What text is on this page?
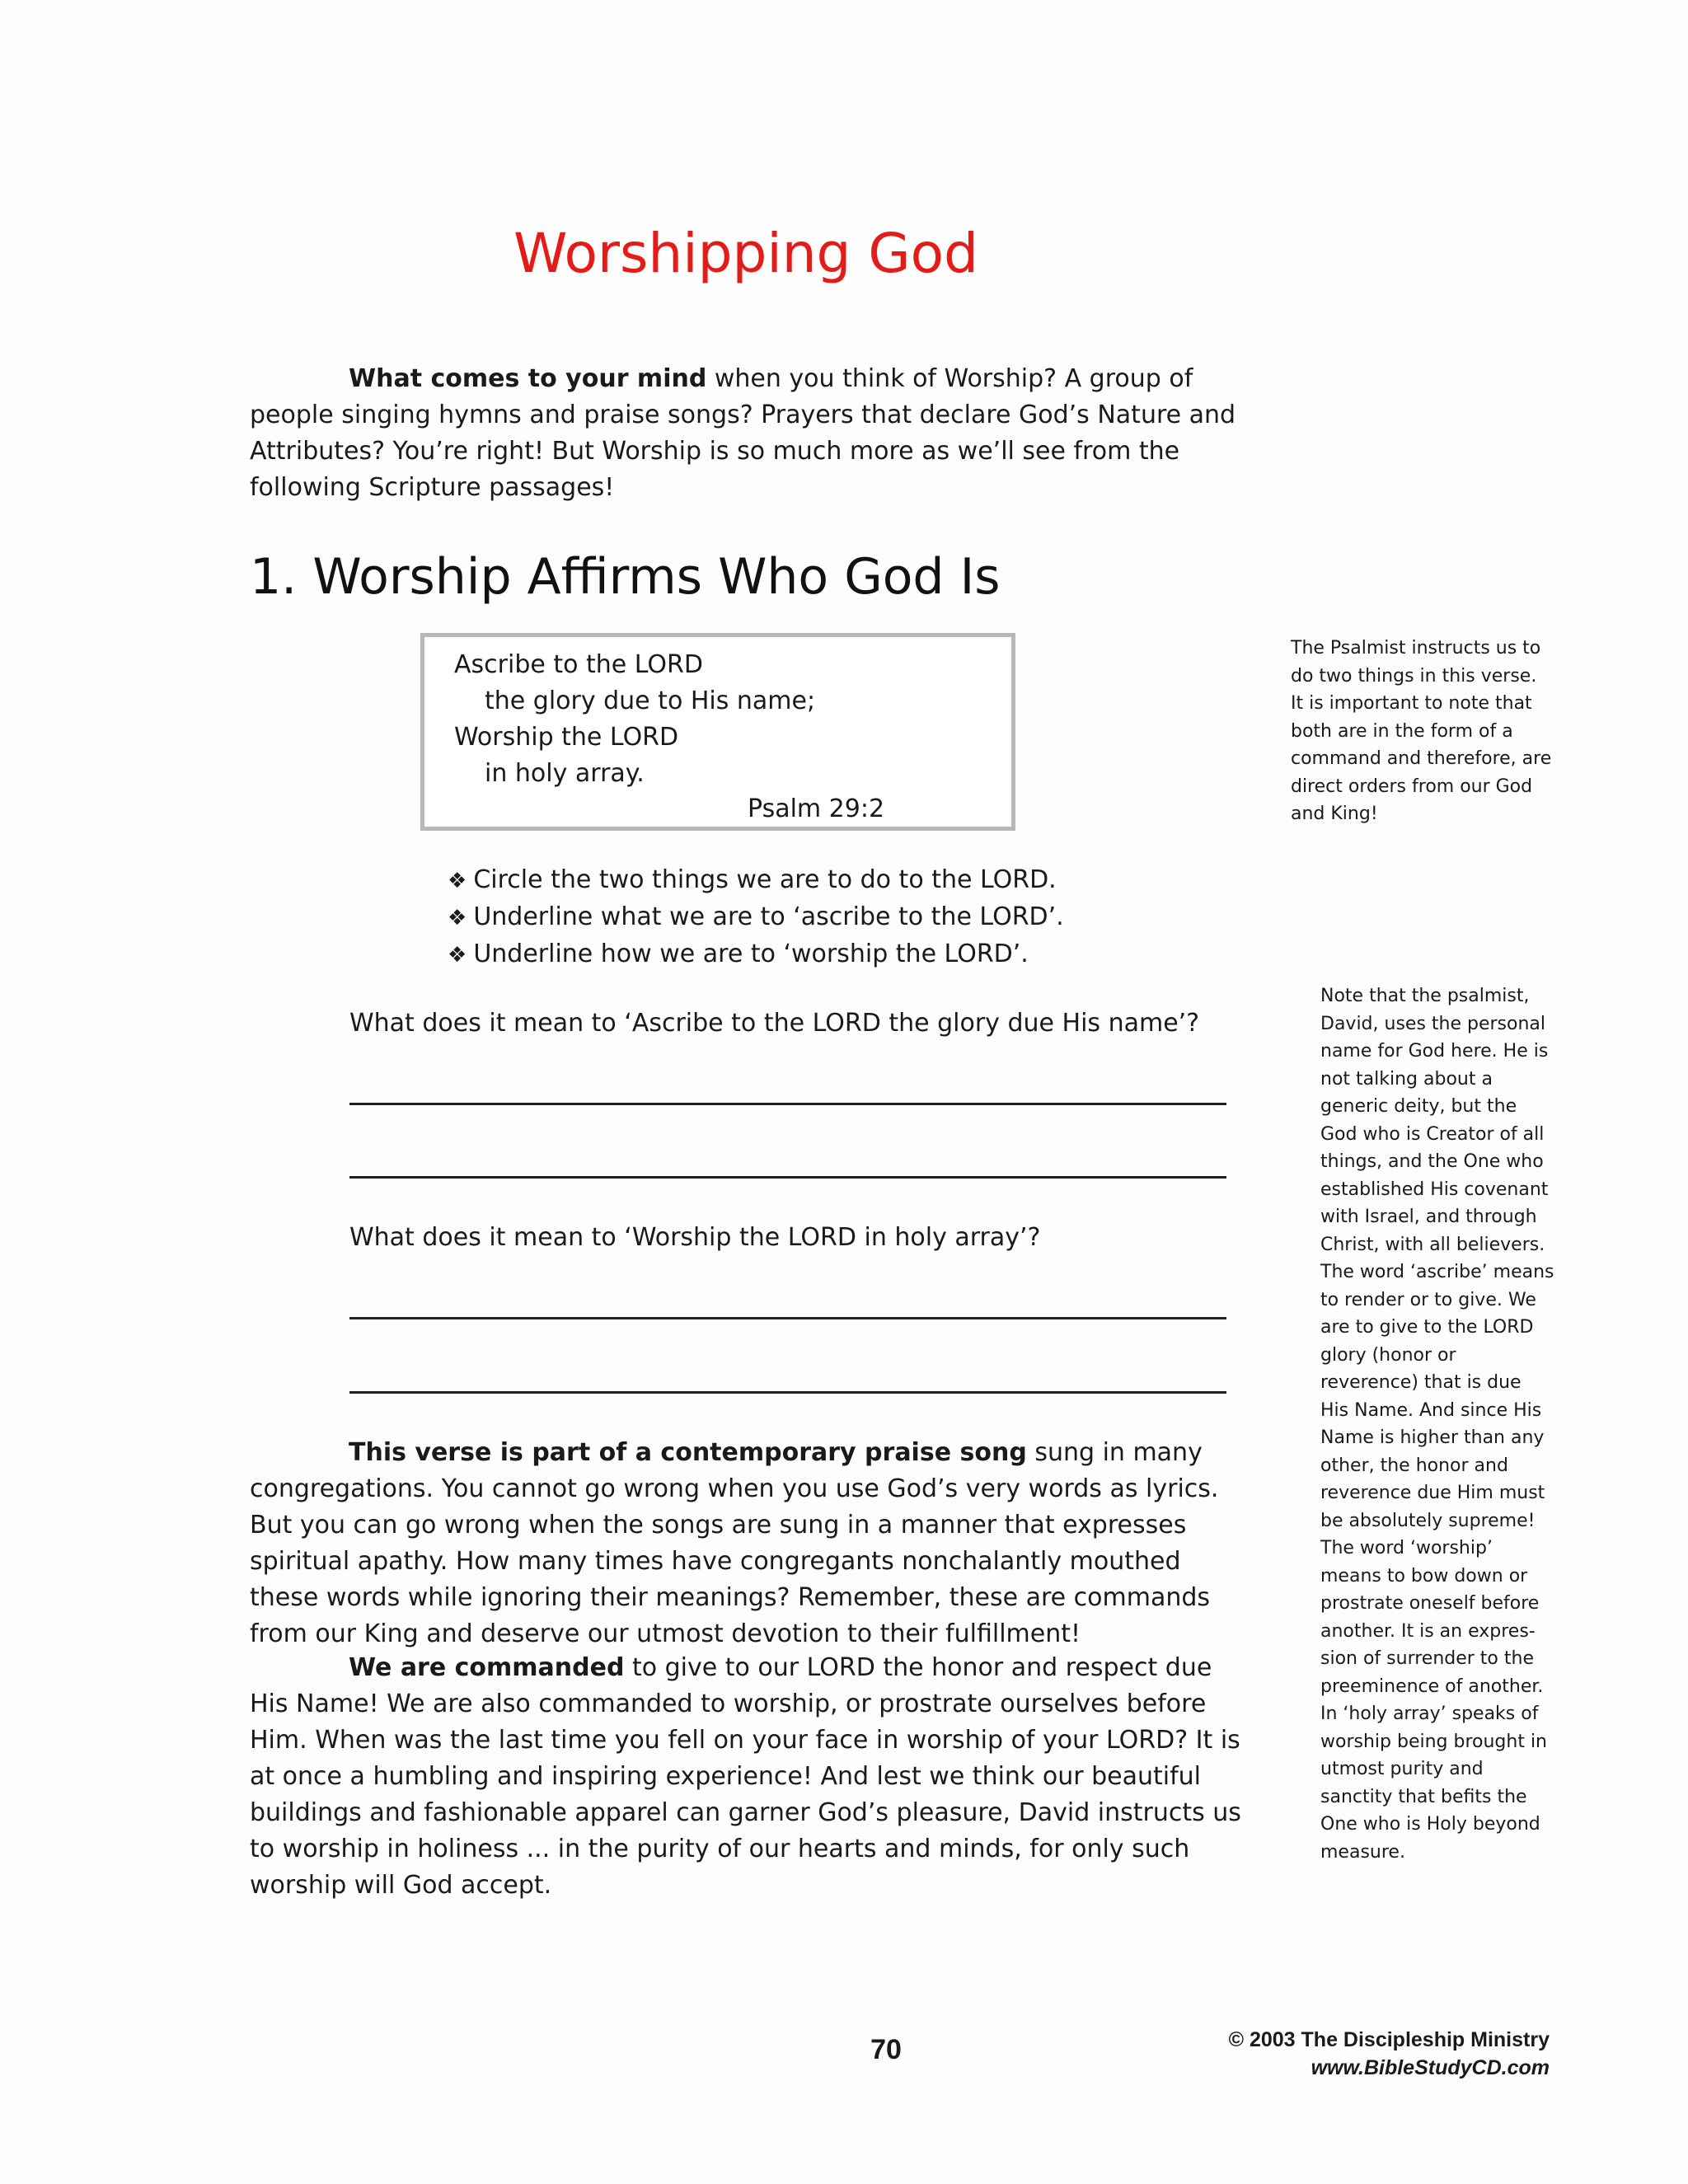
Worshipping God

What comes to your mind when you think of Worship? A group of people singing hymns and praise songs? Prayers that declare God’s Nature and Attributes? You’re right! But Worship is so much more as we’ll see from the following Scripture passages!

1. Worship Affirms Who God Is
Ascribe to the LORD
the glory due to His name;
Worship the LORD
in holy array.
Psalm 29:2
❖ Circle the two things we are to do to the LORD.
❖ Underline what we are to ‘ascribe to the LORD’.
❖ Underline how we are to ‘worship the LORD’.

What does it mean to ‘Ascribe to the LORD the glory due His name’?

What does it mean to ‘Worship the LORD in holy array’?

This verse is part of a contemporary praise song sung in many congregations. You cannot go wrong when you use God’s very words as lyrics. But you can go wrong when the songs are sung in a manner that expresses spiritual apathy. How many times have congregants nonchalantly mouthed these words while ignoring their meanings? Remember, these are commands from our King and deserve our utmost devotion to their fulfillment!

We are commanded to give to our LORD the honor and respect due His Name! We are also commanded to worship, or prostrate ourselves before Him. When was the last time you fell on your face in worship of your LORD? It is at once a humbling and inspiring experience! And lest we think our beautiful buildings and fashionable apparel can garner God’s pleasure, David instructs us to worship in holiness ... in the purity of our hearts and minds, for only such worship will God accept.

The Psalmist instructs us to do two things in this verse. It is important to note that both are in the form of a command and therefore, are direct orders from our God and King!

Note that the psalmist, David, uses the personal name for God here. He is not talking about a generic deity, but the God who is Creator of all things, and the One who established His covenant with Israel, and through Christ, with all believers.

The word ‘ascribe’ means to render or to give. We are to give to the LORD glory (honor or reverence) that is due His Name. And since His Name is higher than any other, the honor and reverence due Him must be absolutely supreme!

The word ‘worship’ means to bow down or prostrate oneself before another. It is an expres-sion of surrender to the preeminence of another. In ‘holy array’ speaks of worship being brought in utmost purity and sanctity that befits the One who is Holy beyond measure.

70	© 2003 The Discipleship Ministry
www.BibleStudyCD.com
